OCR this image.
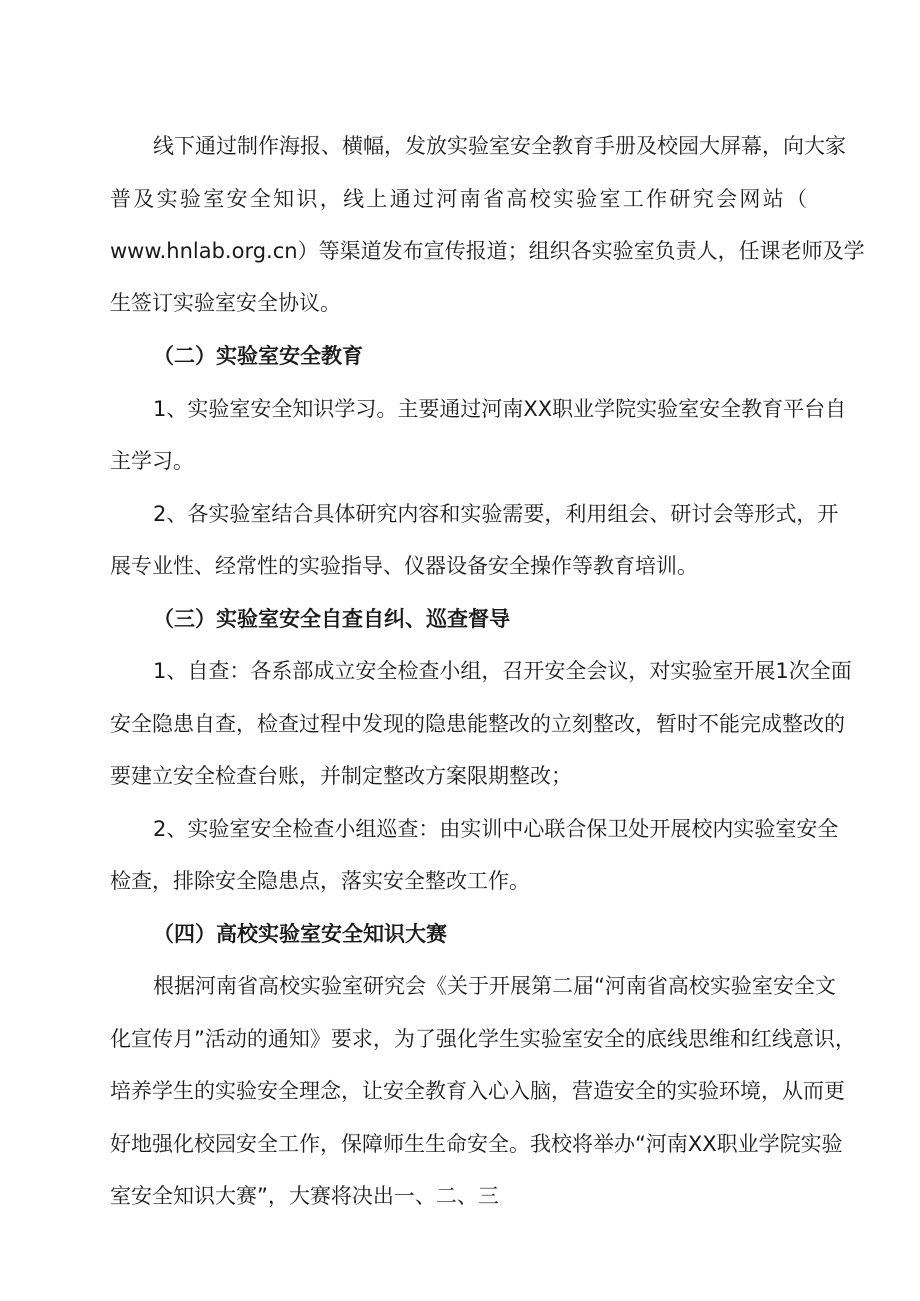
线下通过制作海报、横幅，发放实验室安全教育手册及校园大屏幕，向大家

普及实验室安全知识，线上通过河南省高校实验室工作研究会网站（

www.hnlab.org.cn）等渠道发布宣传报道；组织各实验室负责人，任课老师及学

生签订实验室安全协议。

（二）实验室安全教育

1、实验室安全知识学习。主要通过河南XX职业学院实验室安全教育平台自

主学习。

2、各实验室结合具体研究内容和实验需要，利用组会、研讨会等形式，开

展专业性、经常性的实验指导、仪器设备安全操作等教育培训。

（三）实验室安全自查自纠、巡查督导

1、自查：各系部成立安全检查小组，召开安全会议，对实验室开展1次全面

安全隐患自查，检查过程中发现的隐患能整改的立刻整改，暂时不能完成整改的

要建立安全检查台账，并制定整改方案限期整改；

2、实验室安全检查小组巡查：由实训中心联合保卫处开展校内实验室安全

检查，排除安全隐患点，落实安全整改工作。

（四）高校实验室安全知识大赛

根据河南省高校实验室研究会《关于开展第二届“河南省高校实验室安全文

化宣传月”活动的通知》要求，为了强化学生实验室安全的底线思维和红线意识，

培养学生的实验安全理念，让安全教育入心入脑，营造安全的实验环境，从而更

好地强化校园安全工作，保障师生生命安全。我校将举办“河南XX职业学院实验

室安全知识大赛”，大赛将决出一、二、三
